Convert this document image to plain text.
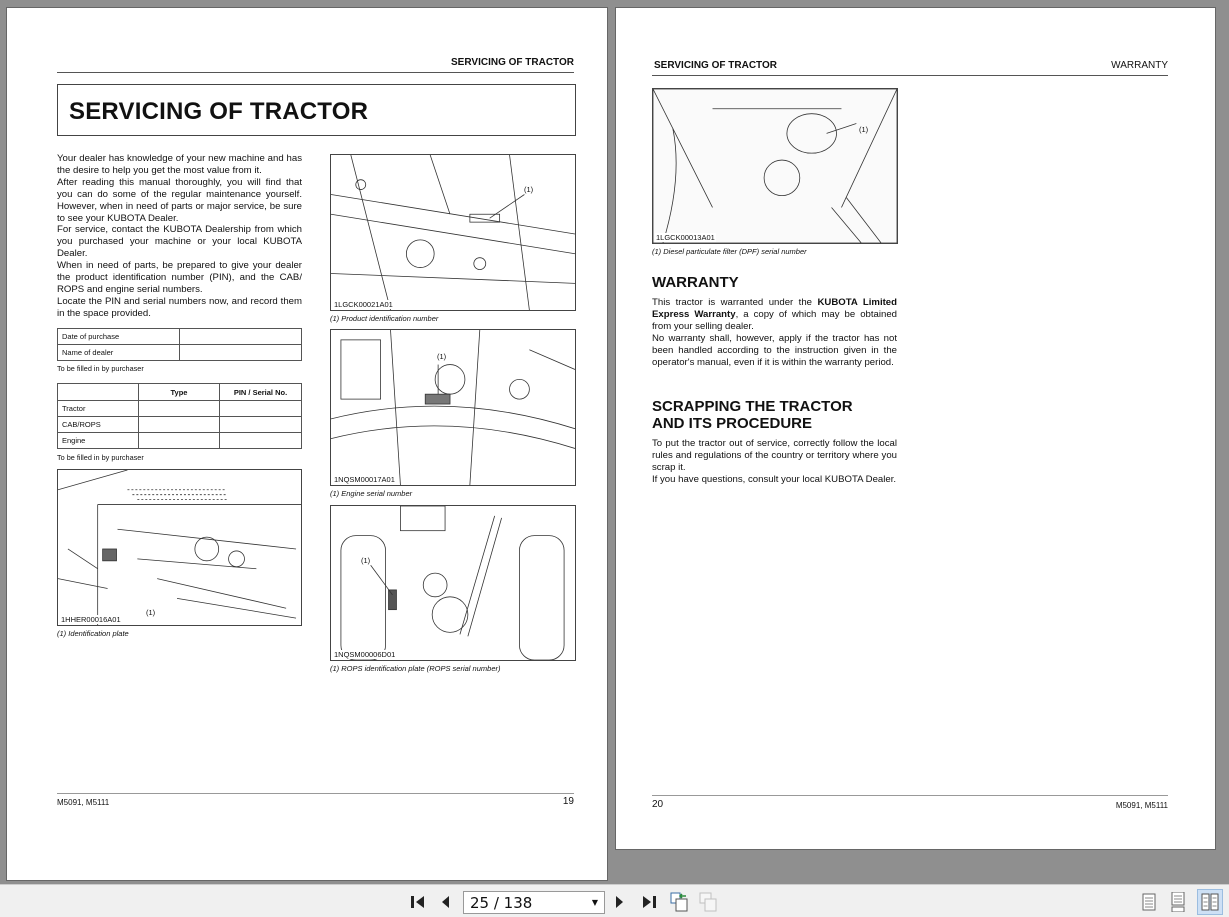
SERVICING OF TRACTOR
SERVICING OF TRACTOR

Your dealer has knowledge of your new machine and has the desire to help you get the most value from it.

After reading this manual thoroughly, you will find that you can do some of the regular maintenance yourself. However, when in need of parts or major service, be sure to see your KUBOTA Dealer.

For service, contact the KUBOTA Dealership from which you purchased your machine or your local KUBOTA Dealer.

When in need of parts, be prepared to give your dealer the product identification number (PIN), and the CAB/ ROPS and engine serial numbers.

Locate the PIN and serial numbers now, and record them in the space provided.

Date of purchase	
Name of dealer	
To be filled in by purchaser
	Type	PIN / Serial No.
Tractor		
CAB/ROPS		
Engine		
To be filled in by purchaser
(1)
1HHER00016A01
(1) Identification plate
(1)
1LGCK00021A01
(1) Product identification number
(1)
1NQSM00017A01
(1) Engine serial number
(1)
1NQSM00006D01
(1) ROPS identification plate (ROPS serial number)
M5091, M5111	19
SERVICING OF TRACTOR	WARRANTY
(1)
1LGCK00013A01
(1) Diesel particulate filter (DPF) serial number
WARRANTY

This tractor is warranted under the KUBOTA Limited Express Warranty, a copy of which may be obtained from your selling dealer.

No warranty shall, however, apply if the tractor has not been handled according to the instruction given in the operator's manual, even if it is within the warranty period.

SCRAPPING THE TRACTOR
AND ITS PROCEDURE

To put the tractor out of service, correctly follow the local rules and regulations of the country or territory where you scrap it.

If you have questions, consult your local KUBOTA Dealer.

20	M5091, M5111
25 / 138	▼
